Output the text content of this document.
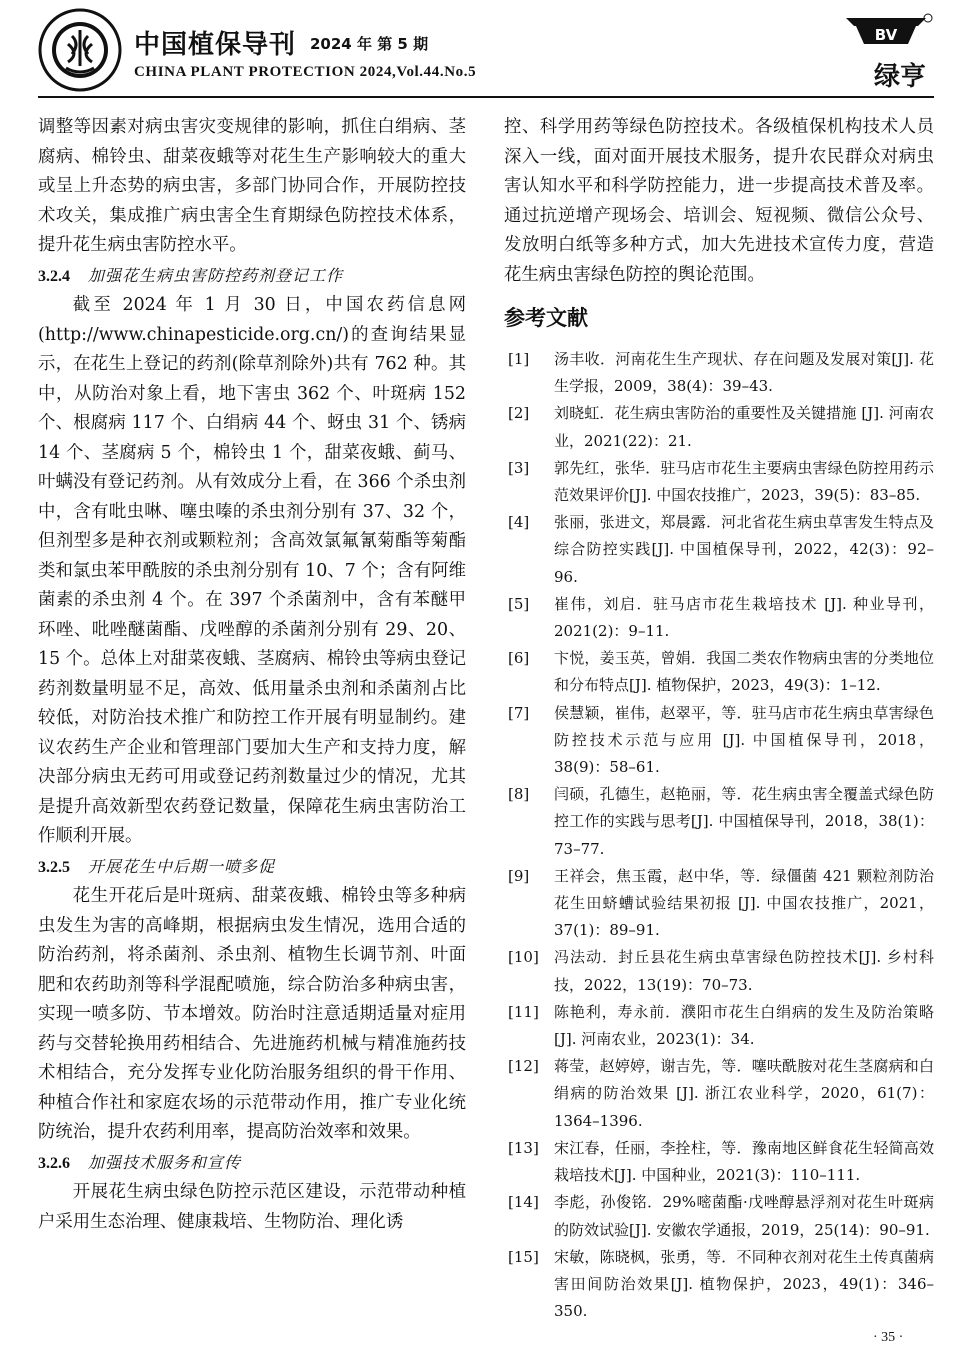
中国植保导刊 2024 年 第 5 期
CHINA PLANT PROTECTION 2024,Vol.44.No.5
BV
绿亨

调整等因素对病虫害灾变规律的影响，抓住白绢病、茎腐病、棉铃虫、甜菜夜蛾等对花生生产影响较大的重大或呈上升态势的病虫害，多部门协同合作，开展防控技术攻关，集成推广病虫害全生育期绿色防控技术体系，提升花生病虫害防控水平。

3.2.4 加强花生病虫害防控药剂登记工作

截至 2024 年 1 月 30 日，中国农药信息网(http://www.chinapesticide.org.cn/)的查询结果显示，在花生上登记的药剂(除草剂除外)共有 762 种。其中，从防治对象上看，地下害虫 362 个、叶斑病 152 个、根腐病 117 个、白绢病 44 个、蚜虫 31 个、锈病 14 个、茎腐病 5 个，棉铃虫 1 个，甜菜夜蛾、蓟马、叶螨没有登记药剂。从有效成分上看，在 366 个杀虫剂中，含有吡虫啉、噻虫嗪的杀虫剂分别有 37、32 个，但剂型多是种衣剂或颗粒剂；含高效氯氟氰菊酯等菊酯类和氯虫苯甲酰胺的杀虫剂分别有 10、7 个；含有阿维菌素的杀虫剂 4 个。在 397 个杀菌剂中，含有苯醚甲环唑、吡唑醚菌酯、戊唑醇的杀菌剂分别有 29、20、15 个。总体上对甜菜夜蛾、茎腐病、棉铃虫等病虫登记药剂数量明显不足，高效、低用量杀虫剂和杀菌剂占比较低，对防治技术推广和防控工作开展有明显制约。建议农药生产企业和管理部门要加大生产和支持力度，解决部分病虫无药可用或登记药剂数量过少的情况，尤其是提升高效新型农药登记数量，保障花生病虫害防治工作顺利开展。

3.2.5 开展花生中后期一喷多促

花生开花后是叶斑病、甜菜夜蛾、棉铃虫等多种病虫发生为害的高峰期，根据病虫发生情况，选用合适的防治药剂，将杀菌剂、杀虫剂、植物生长调节剂、叶面肥和农药助剂等科学混配喷施，综合防治多种病虫害，实现一喷多防、节本增效。防治时注意适期适量对症用药与交替轮换用药相结合、先进施药机械与精准施药技术相结合，充分发挥专业化防治服务组织的骨干作用、种植合作社和家庭农场的示范带动作用，推广专业化统防统治，提升农药利用率，提高防治效率和效果。

3.2.6 加强技术服务和宣传

开展花生病虫绿色防控示范区建设，示范带动种植户采用生态治理、健康栽培、生物防治、理化诱

控、科学用药等绿色防控技术。各级植保机构技术人员深入一线，面对面开展技术服务，提升农民群众对病虫害认知水平和科学防控能力，进一步提高技术普及率。通过抗逆增产现场会、培训会、短视频、微信公众号、发放明白纸等多种方式，加大先进技术宣传力度，营造花生病虫害绿色防控的舆论范围。

参考文献
[1] 汤丰收．河南花生生产现状、存在问题及发展对策[J]. 花生学报，2009，38(4)：39–43.
[2] 刘晓虹．花生病虫害防治的重要性及关键措施 [J]. 河南农业，2021(22)：21.
[3] 郭先红，张华．驻马店市花生主要病虫害绿色防控用药示范效果评价[J]. 中国农技推广，2023，39(5)：83–85.
[4] 张丽，张进文，郑晨露．河北省花生病虫草害发生特点及综合防控实践[J]. 中国植保导刊，2022，42(3)：92–96.
[5] 崔伟，刘启．驻马店市花生栽培技术 [J]. 种业导刊，2021(2)：9–11.
[6] 卞悦，姜玉英，曾娟．我国二类农作物病虫害的分类地位和分布特点[J]. 植物保护，2023，49(3)：1–12.
[7] 侯慧颖，崔伟，赵翠平，等．驻马店市花生病虫草害绿色防控技术示范与应用 [J]. 中国植保导刊，2018，38(9)：58–61.
[8] 闫硕，孔德生，赵艳丽，等．花生病虫害全覆盖式绿色防控工作的实践与思考[J]. 中国植保导刊，2018，38(1)：73–77.
[9] 王祥会，焦玉霞，赵中华，等．绿僵菌 421 颗粒剂防治花生田蛴螬试验结果初报 [J]. 中国农技推广，2021，37(1)：89–91.
[10] 冯法动．封丘县花生病虫草害绿色防控技术[J]. 乡村科技，2022，13(19)：70–73.
[11] 陈艳利，寿永前．濮阳市花生白绢病的发生及防治策略[J]. 河南农业，2023(1)：34.
[12] 蒋莹，赵婷婷，谢吉先，等．噻呋酰胺对花生茎腐病和白绢病的防治效果 [J]. 浙江农业科学，2020，61(7)：1364–1396.
[13] 宋江春，任丽，李拴柱，等．豫南地区鲜食花生轻简高效栽培技术[J]. 中国种业，2021(3)：110–111.
[14] 李彪，孙俊铭．29%嘧菌酯·戊唑醇悬浮剂对花生叶斑病的防效试验[J]. 安徽农学通报，2019，25(14)：90–91.
[15] 宋敏，陈晓枫，张勇，等．不同种衣剂对花生土传真菌病害田间防治效果[J]. 植物保护，2023，49(1)：346–350.
· 35 ·
